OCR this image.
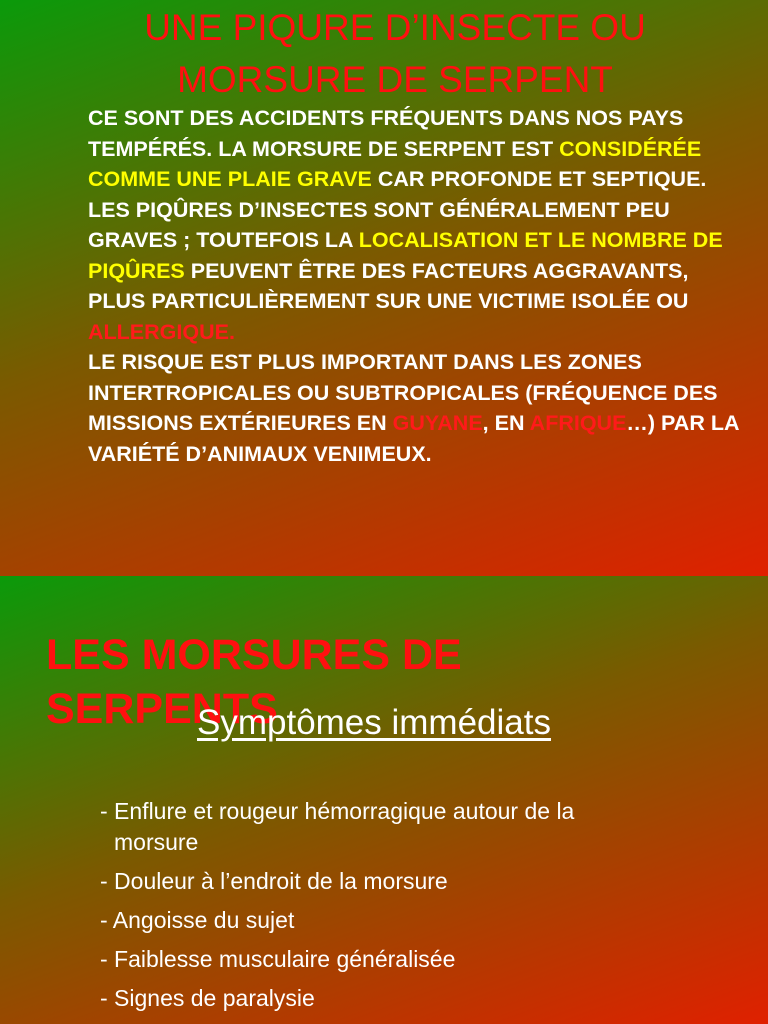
UNE PIQURE D’INSECTE OU
MORSURE DE SERPENT
CE SONT DES ACCIDENTS FRÉQUENTS DANS NOS PAYS TEMPÉRÉS. LA MORSURE DE SERPENT EST CONSIDÉRÉE COMME UNE PLAIE GRAVE CAR PROFONDE ET SEPTIQUE. LES PIQÛRES D’INSECTES SONT GÉNÉRALEMENT PEU GRAVES ; TOUTEFOIS LA LOCALISATION ET LE NOMBRE DE PIQÛRES PEUVENT ÊTRE DES FACTEURS AGGRAVANTS, PLUS PARTICULIÈREMENT SUR UNE VICTIME ISOLÉE OU ALLERGIQUE.
LE RISQUE EST PLUS IMPORTANT DANS LES ZONES INTERTROPICALES OU SUBTROPICALES (FRÉQUENCE DES MISSIONS EXTÉRIEURES EN GUYANE, EN AFRIQUE…) PAR LA VARIÉTÉ D’ANIMAUX VENIMEUX.
LES MORSURES DE SERPENTS
Symptômes immédiats
- Enflure et rougeur hémorragique autour de la
morsure
- Douleur à l’endroit de la morsure
- Angoisse du sujet
- Faiblesse musculaire généralisée
- Signes de paralysie
